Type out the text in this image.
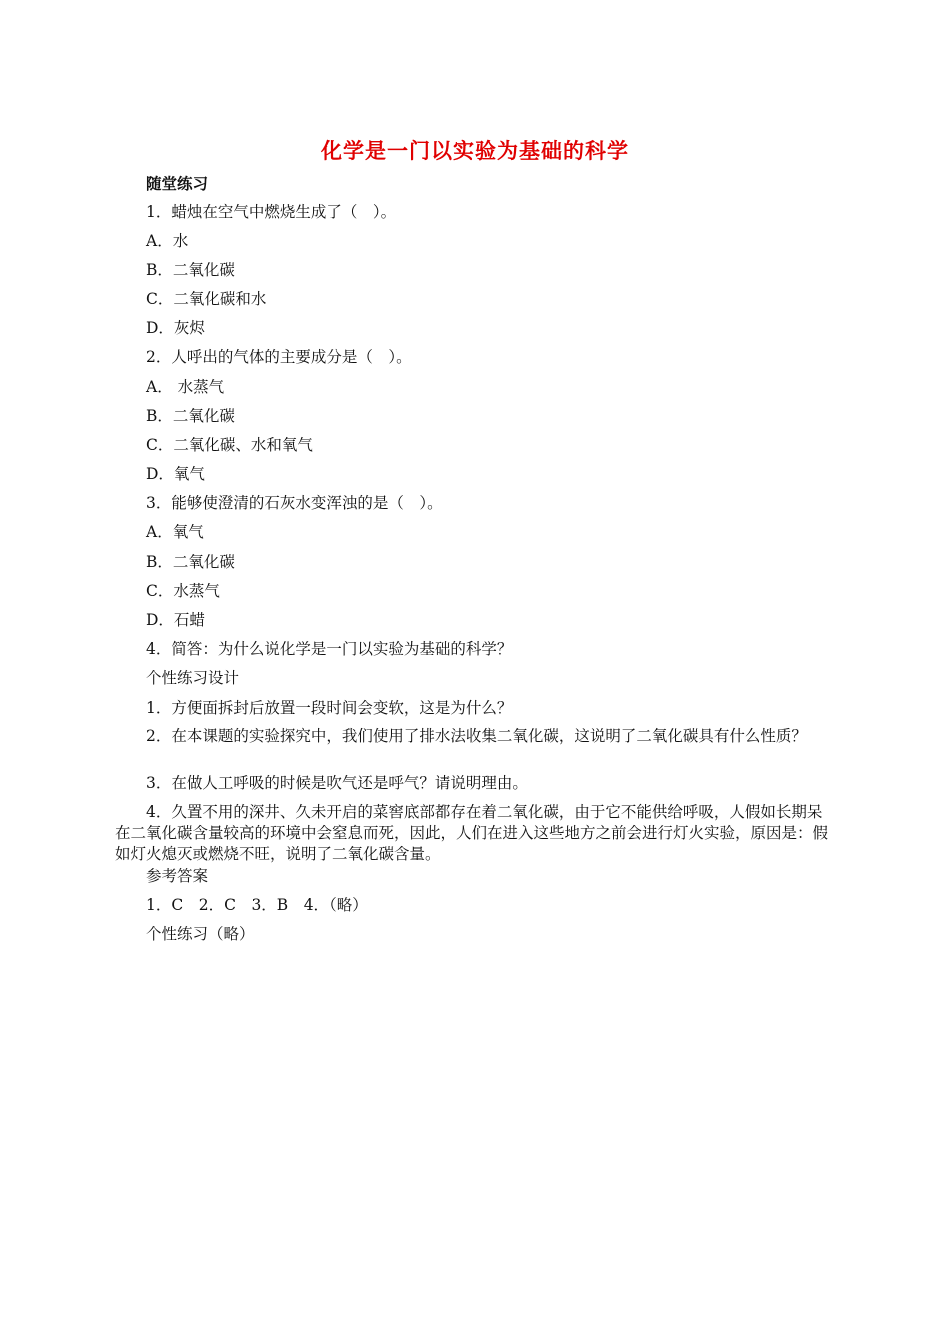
化学是一门以实验为基础的科学
随堂练习
1．蜡烛在空气中燃烧生成了（　）。
A．水
B．二氧化碳
C．二氧化碳和水
D．灰烬
2．人呼出的气体的主要成分是（　）。
A． 水蒸气
B．二氧化碳
C．二氧化碳、水和氧气
D．氧气
3．能够使澄清的石灰水变浑浊的是（　）。
A．氧气
B．二氧化碳
C．水蒸气
D．石蜡
4．简答：为什么说化学是一门以实验为基础的科学？
个性练习设计
1．方便面拆封后放置一段时间会变软，这是为什么？
2．在本课题的实验探究中，我们使用了排水法收集二氧化碳，这说明了二氧化碳具有什么性质？
3．在做人工呼吸的时候是吹气还是呼气？请说明理由。
4．久置不用的深井、久未开启的菜窖底部都存在着二氧化碳，由于它不能供给呼吸，人假如长期呆在二氧化碳含量较高的环境中会窒息而死，因此，人们在进入这些地方之前会进行灯火实验，原因是：假如灯火熄灭或燃烧不旺，说明了二氧化碳含量。
参考答案
1．C　2．C　3．B　4．（略）
个性练习（略）
